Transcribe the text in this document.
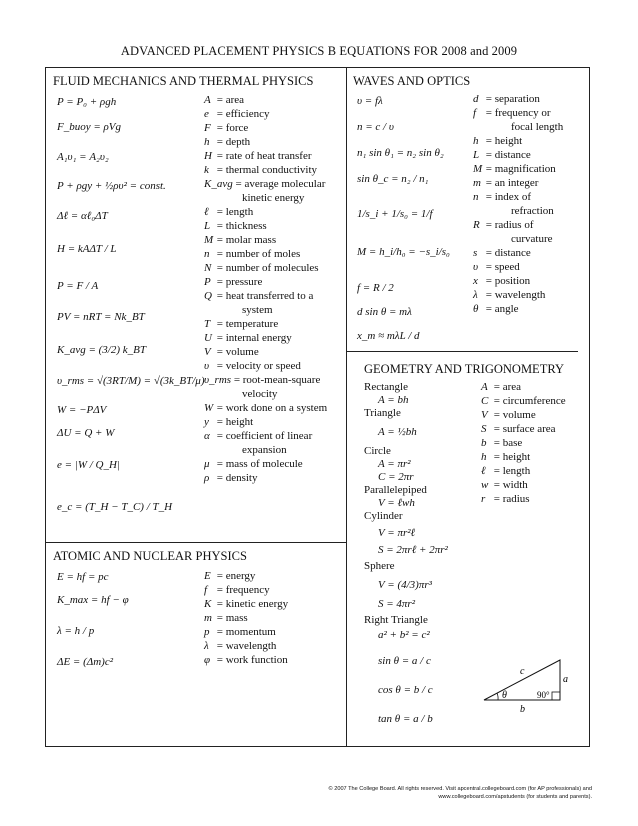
ADVANCED PLACEMENT PHYSICS B EQUATIONS FOR 2008 and 2009
FLUID MECHANICS AND THERMAL PHYSICS
P = P₀ + ρgh
F_buoy = ρVg
A₁υ₁ = A₂υ₂
P + ρgy + ½ρυ² = const.
Δℓ = αℓ₀ΔT
H = kAΔT / L
P = F / A
PV = nRT = Nk_BT
K_avg = (3/2) k_BT
υ_rms = √(3RT/M) = √(3k_BT/μ)
W = −PΔV
ΔU = Q + W
e = |W / Q_H|
e_c = (T_H − T_C) / T_H
A = area
e = efficiency
F = force
h = depth
H = rate of heat transfer
k = thermal conductivity
K_avg = average molecular
kinetic energy
ℓ = length
L = thickness
M = molar mass
n = number of moles
N = number of molecules
P = pressure
Q = heat transferred to a
system
T = temperature
U = internal energy
V = volume
υ = velocity or speed
υ_rms = root-mean-square
velocity
W = work done on a system
y = height
α = coefficient of linear
expansion
μ = mass of molecule
ρ = density
ATOMIC AND NUCLEAR PHYSICS
E = hf = pc
K_max = hf − φ
λ = h / p
ΔE = (Δm)c²
E = energy
f = frequency
K = kinetic energy
m = mass
p = momentum
λ = wavelength
φ = work function
WAVES AND OPTICS
υ = fλ
n = c / υ
n₁ sin θ₁ = n₂ sin θ₂
sin θ_c = n₂ / n₁
1/s_i + 1/s₀ = 1/f
M = h_i/h₀ = −s_i/s₀
f = R / 2
d sin θ = mλ
x_m ≈ mλL / d
d = separation
f = frequency or
focal length
h = height
L = distance
M = magnification
m = an integer
n = index of
refraction
R = radius of
curvature
s = distance
υ = speed
x = position
λ = wavelength
θ = angle
GEOMETRY AND TRIGONOMETRY
Rectangle
A = bh
Triangle
A = ½bh
Circle
A = πr²
C = 2πr
Parallelepiped
V = ℓwh
Cylinder
V = πr²ℓ
S = 2πrℓ + 2πr²
Sphere
V = (4/3)πr³
S = 4πr²
Right Triangle
a² + b² = c²
sin θ = a / c
cos θ = b / c
tan θ = a / b
A = area
C = circumference
V = volume
S = surface area
b = base
h = height
ℓ = length
w = width
r = radius
a
b
c
θ	90°
© 2007 The College Board. All rights reserved. Visit apcentral.collegeboard.com (for AP professionals) and
www.collegeboard.com/apstudents (for students and parents).
